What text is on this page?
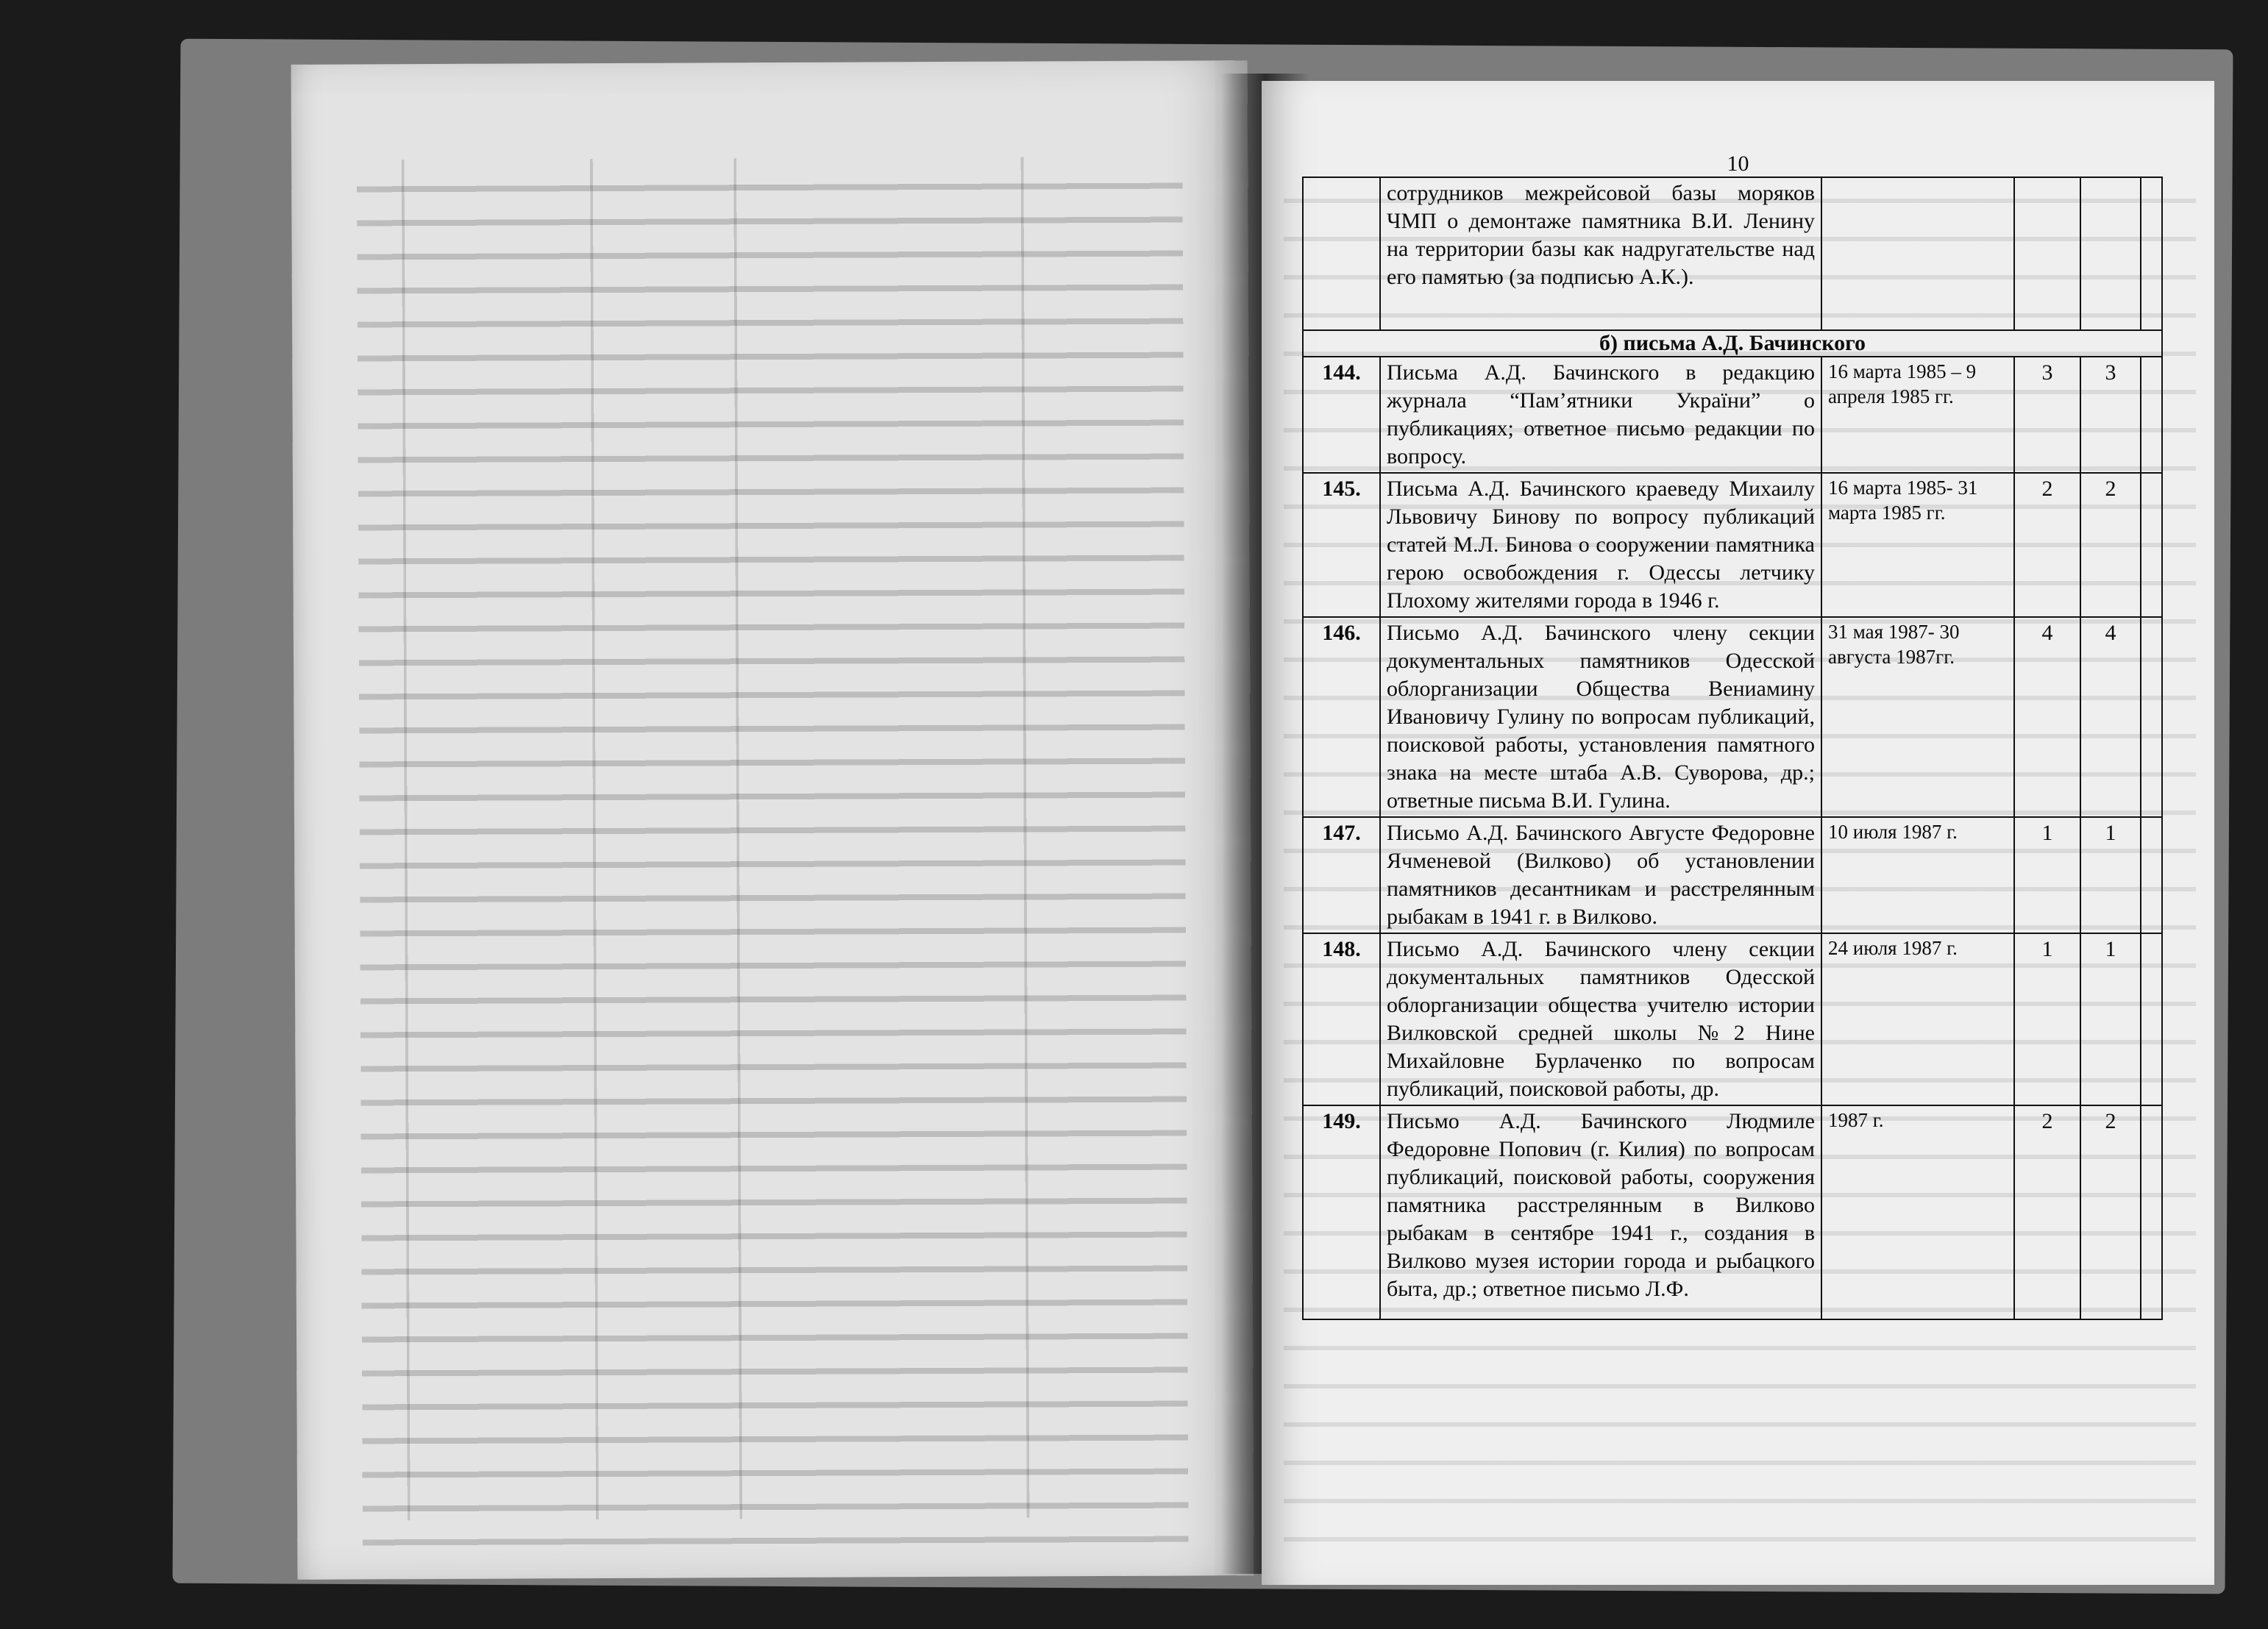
10
	сотрудников межрейсовой базы моряков ЧМП о демонтаже памятника В.И. Ленину на территории базы как надругательстве над его памятью (за подписью А.К.).				
б) письма А.Д. Бачинского					
144.	Письма А.Д. Бачинского в редакцию журнала “Пам’ятники України” о публикациях; ответное письмо редакции по вопросу.	16 марта 1985 – 9 апреля 1985 гг.	3	3	
145.	Письма А.Д. Бачинского краеведу Михаилу Львовичу Бинову по вопросу публикаций статей М.Л. Бинова о сооружении памятника герою освобождения г. Одессы летчику Плохому жителями города в 1946 г.	16 марта 1985- 31 марта 1985 гг.	2	2	
146.	Письмо А.Д. Бачинского члену секции документальных памятников Одесской облорганизации Общества Вениамину Ивановичу Гулину по вопросам публикаций, поисковой работы, установления памятного знака на месте штаба А.В. Суворова, др.; ответные письма В.И. Гулина.	31 мая 1987- 30 августа 1987гг.	4	4	
147.	Письмо А.Д. Бачинского Августе Федоровне Ячменевой (Вилково) об установлении памятников десантникам и расстрелянным рыбакам в 1941 г. в Вилково.	10 июля 1987 г.	1	1	
148.	Письмо А.Д. Бачинского члену секции документальных памятников Одесской облорганизации общества учителю истории Вилковской средней школы №2 Нине Михайловне Бурлаченко по вопросам публикаций, поисковой работы, др.	24 июля 1987 г.	1	1	
149.	Письмо А.Д. Бачинского Людмиле Федоровне Попович (г. Килия) по вопросам публикаций, поисковой работы, сооружения памятника расстрелянным в Вилково рыбакам в сентябре 1941 г., создания в Вилково музея истории города и рыбацкого быта, др.; ответное письмо Л.Ф.	1987 г.	2	2	
